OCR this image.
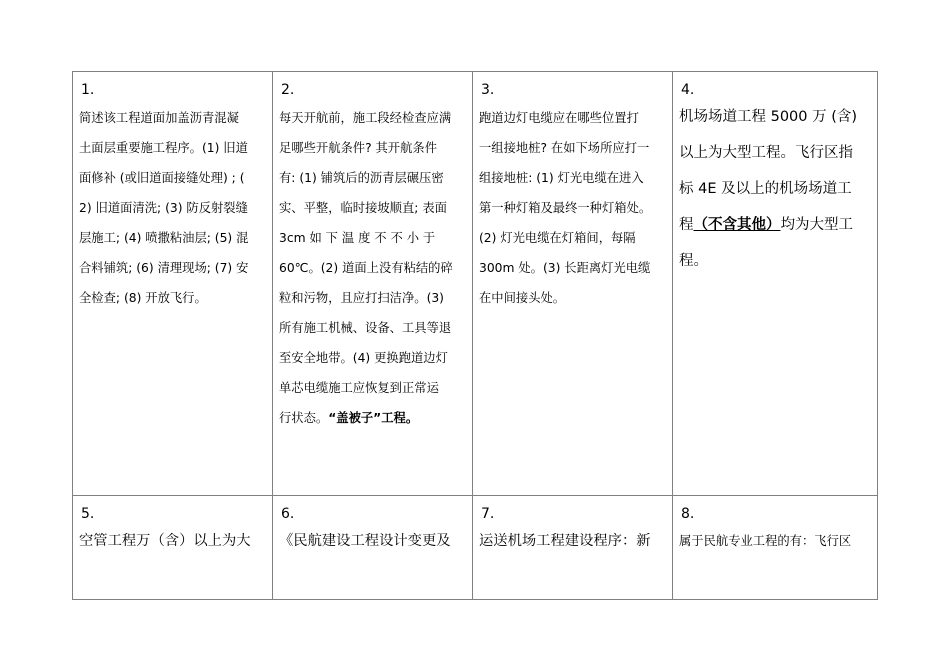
1.
简述该工程道面加盖沥青混凝
土面层重要施工程序。(1) 旧道
面修补 (或旧道面接缝处理) ; (
2) 旧道面清洗; (3) 防反射裂缝
层施工; (4) 喷撒粘油层; (5) 混
合料铺筑; (6) 清理现场; (7) 安
全检查; (8) 开放飞行。
2.
每天开航前，施工段经检查应满
足哪些开航条件? 其开航条件
有: (1) 铺筑后的沥青层碾压密
实、平整，临时接坡顺直; 表面
3cm 如 下 温 度 不 不 小 于
60℃。(2) 道面上没有粘结的碎
粒和污物，且应打扫洁净。(3)
所有施工机械、设备、工具等退
至安全地带。(4) 更换跑道边灯
单芯电缆施工应恢复到正常运
行状态。“盖被子”工程。
3.
跑道边灯电缆应在哪些位置打
一组接地桩? 在如下场所应打一
组接地桩: (1) 灯光电缆在进入
第一种灯箱及最终一种灯箱处。
(2) 灯光电缆在灯箱间，每隔
300m 处。(3) 长距离灯光电缆
在中间接头处。
4.
机场场道工程 5000 万 (含)
以上为大型工程。飞行区指
标 4E 及以上的机场场道工
程（不含其他）均为大型工
程。
5.
空管工程万（含）以上为大
6.
《民航建设工程设计变更及
7.
运送机场工程建设程序：新
8.
属于民航专业工程的有：飞行区
